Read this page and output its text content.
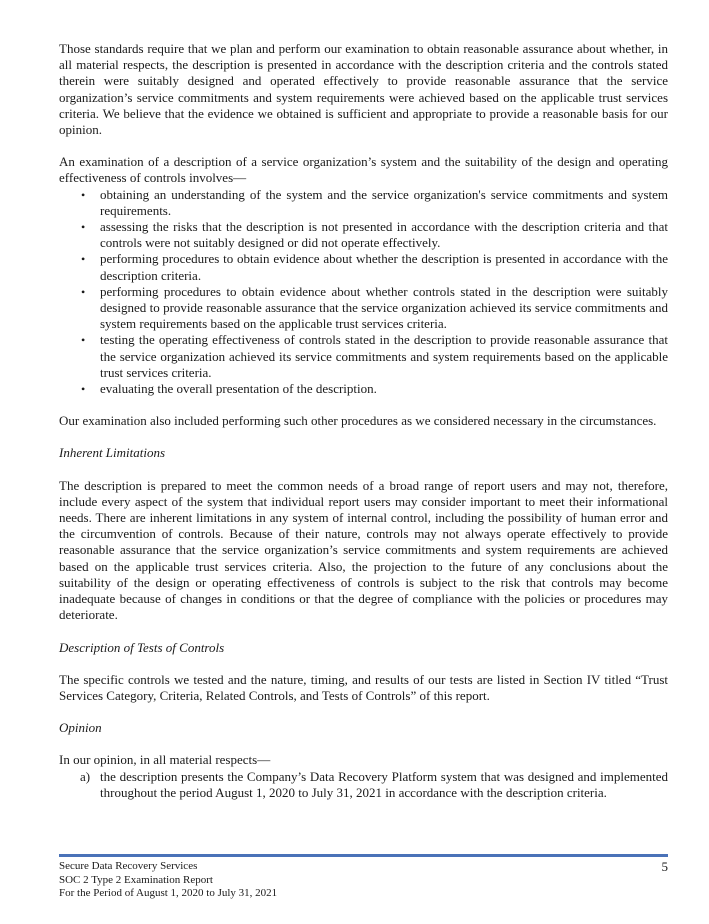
Those standards require that we plan and perform our examination to obtain reasonable assurance about whether, in all material respects, the description is presented in accordance with the description criteria and the controls stated therein were suitably designed and operated effectively to provide reasonable assurance that the service organization’s service commitments and system requirements were achieved based on the applicable trust services criteria. We believe that the evidence we obtained is sufficient and appropriate to provide a reasonable basis for our opinion.

An examination of a description of a service organization’s system and the suitability of the design and operating effectiveness of controls involves—

• obtaining an understanding of the system and the service organization's service commitments and system requirements.
• assessing the risks that the description is not presented in accordance with the description criteria and that controls were not suitably designed or did not operate effectively.
• performing procedures to obtain evidence about whether the description is presented in accordance with the description criteria.
• performing procedures to obtain evidence about whether controls stated in the description were suitably designed to provide reasonable assurance that the service organization achieved its service commitments and system requirements based on the applicable trust services criteria.
• testing the operating effectiveness of controls stated in the description to provide reasonable assurance that the service organization achieved its service commitments and system requirements based on the applicable trust services criteria.
• evaluating the overall presentation of the description.

Our examination also included performing such other procedures as we considered necessary in the circumstances.

Inherent Limitations

The description is prepared to meet the common needs of a broad range of report users and may not, therefore, include every aspect of the system that individual report users may consider important to meet their informational needs. There are inherent limitations in any system of internal control, including the possibility of human error and the circumvention of controls. Because of their nature, controls may not always operate effectively to provide reasonable assurance that the service organization’s service commitments and system requirements are achieved based on the applicable trust services criteria. Also, the projection to the future of any conclusions about the suitability of the design or operating effectiveness of controls is subject to the risk that controls may become inadequate because of changes in conditions or that the degree of compliance with the policies or procedures may deteriorate.

Description of Tests of Controls

The specific controls we tested and the nature, timing, and results of our tests are listed in Section IV titled “Trust Services Category, Criteria, Related Controls, and Tests of Controls” of this report.

Opinion

In our opinion, in all material respects—

a) the description presents the Company’s Data Recovery Platform system that was designed and implemented throughout the period August 1, 2020 to July 31, 2021 in accordance with the description criteria.
Secure Data Recovery Services
SOC 2 Type 2 Examination Report
For the Period of August 1, 2020 to July 31, 2021
5
